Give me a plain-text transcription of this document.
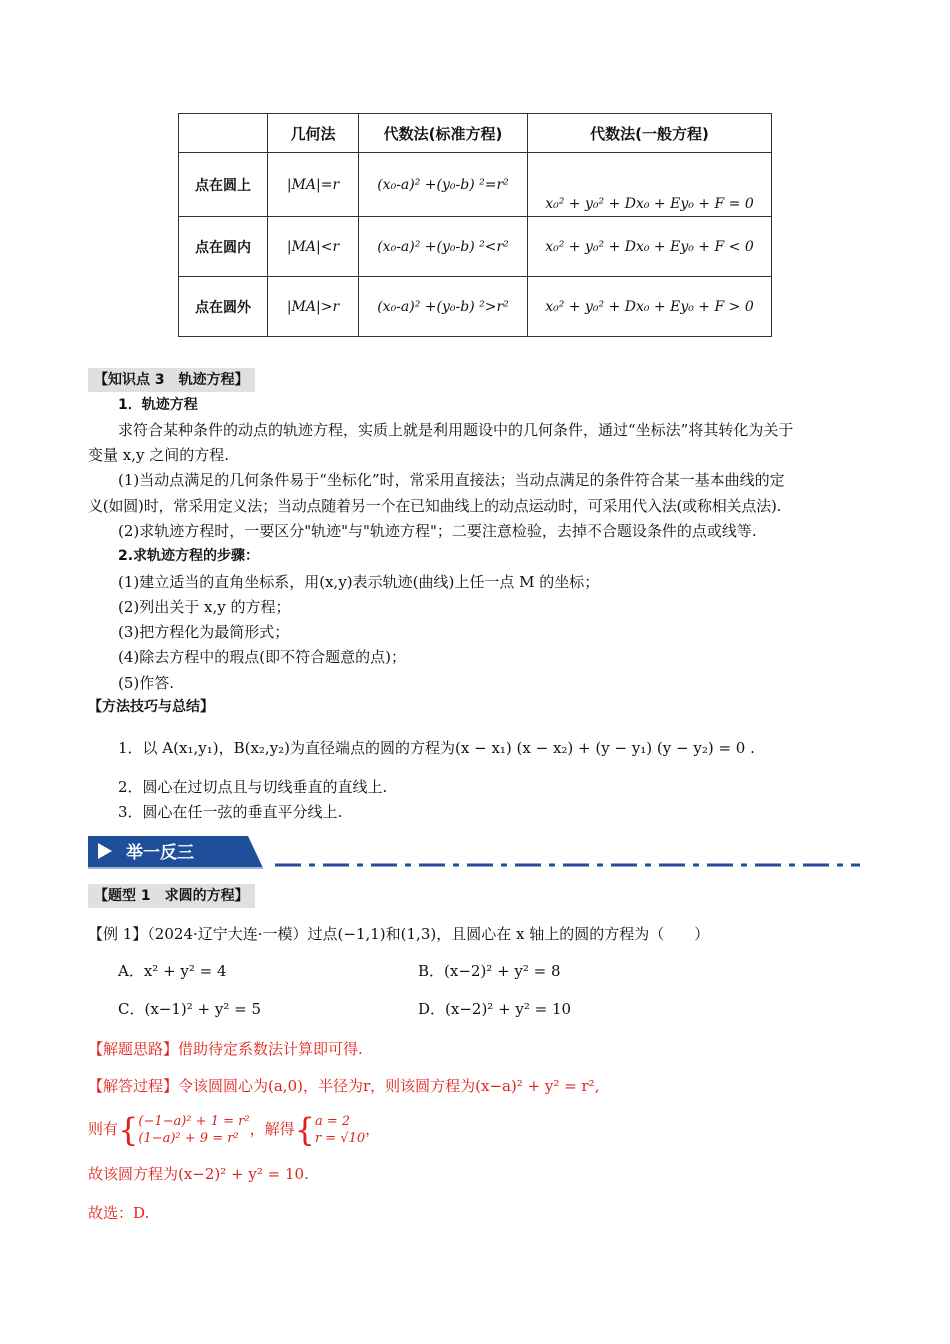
	几何法	代数法(标准方程)	代数法(一般方程)
点在圆上	|MA|=r	(x₀-a)² +(y₀-b) ²=r²	x₀² + y₀² + Dx₀ + Ey₀ + F = 0
点在圆内	|MA|<r	(x₀-a)² +(y₀-b) ²<r²	x₀² + y₀² + Dx₀ + Ey₀ + F < 0
点在圆外	|MA|>r	(x₀-a)² +(y₀-b) ²>r²	x₀² + y₀² + Dx₀ + Ey₀ + F > 0
【知识点 3　轨迹方程】
1．轨迹方程
求符合某种条件的动点的轨迹方程，实质上就是利用题设中的几何条件，通过“坐标法”将其转化为关于
变量 x,y 之间的方程.
(1)当动点满足的几何条件易于“坐标化”时，常采用直接法；当动点满足的条件符合某一基本曲线的定
义(如圆)时，常采用定义法；当动点随着另一个在已知曲线上的动点运动时，可采用代入法(或称相关点法).
(2)求轨迹方程时，一要区分"轨迹"与"轨迹方程"；二要注意检验，去掉不合题设条件的点或线等.
2.求轨迹方程的步骤：
(1)建立适当的直角坐标系，用(x,y)表示轨迹(曲线)上任一点 M 的坐标；
(2)列出关于 x,y 的方程；
(3)把方程化为最简形式；
(4)除去方程中的瑕点(即不符合题意的点)；
(5)作答.
【方法技巧与总结】
1．以 A(x₁,y₁)，B(x₂,y₂)为直径端点的圆的方程为(x − x₁) (x − x₂) + (y − y₁) (y − y₂) = 0 .
2．圆心在过切点且与切线垂直的直线上.
3．圆心在任一弦的垂直平分线上.
举一反三
【题型 1　求圆的方程】
【例 1】（2024·辽宁大连·一模）过点(−1,1)和(1,3)，且圆心在 x 轴上的圆的方程为（　　）
A．x² + y² = 4	B．(x−2)² + y² = 8
C．(x−1)² + y² = 5	D．(x−2)² + y² = 10
【解题思路】借助待定系数法计算即可得.
【解答过程】令该圆圆心为(a,0)，半径为r，则该圆方程为(x−a)² + y² = r²,
则有{ (−1−a)² + 1 = r²
(1−a)² + 9 = r²
，解得{ a = 2
r = √10
，
故该圆方程为(x−2)² + y² = 10.
故选：D.
